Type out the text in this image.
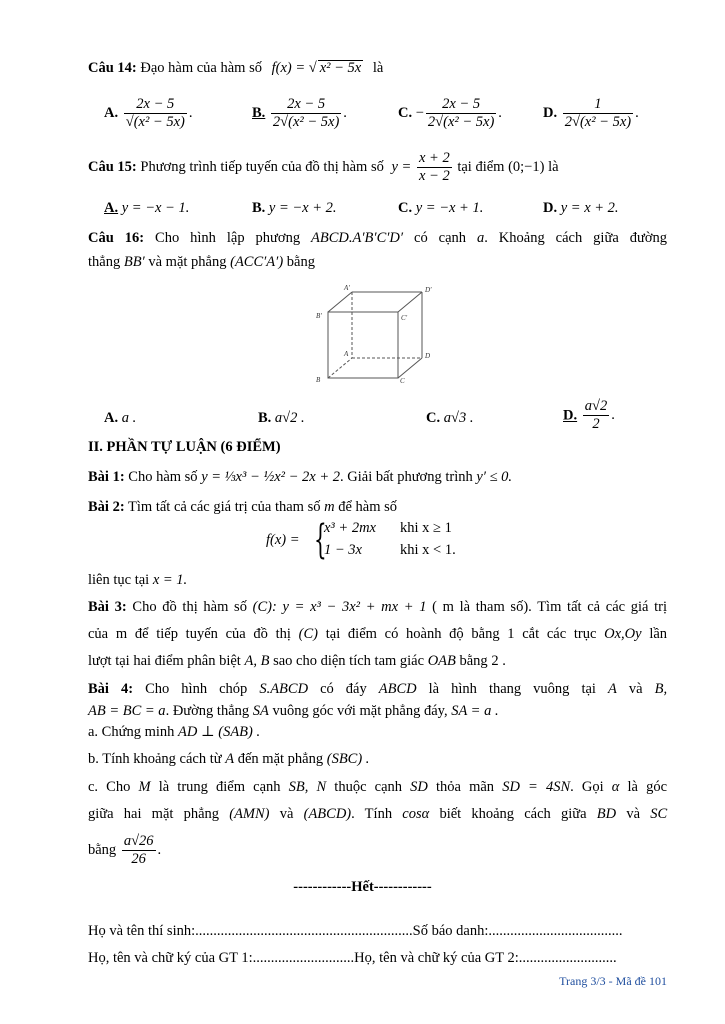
Câu 14: Đạo hàm của hàm số f(x) = √ x² − 5x là
A. $\frac{2x - 5}{\text{√(x² − 5x)}}$ .	B. $\frac{2x - 5}{\text{2√(x² − 5x)}}$ .	C. − $\frac{2x - 5}{\text{2√(x² − 5x)}}$ .	D. $\frac{1}{\text{2√(x² − 5x)}}$ .
Câu 15: Phương trình tiếp tuyến của đồ thị hàm số $y = \frac{x + 2}{x - 2}$ tại điểm (0;−1) là
A. y = −x − 1.	B. y = −x + 2.	C. y = −x + 1.	D. y = x + 2.
Câu 16: Cho hình lập phương ABCD.A′B′C′D′ có cạnh a. Khoảng cách giữa đường
thẳng BB′ và mặt phẳng (ACC′A′) bằng
A′	D′
B′	C′
A	D
B	C
A. a .	B. a√2 .	C. a√3 .	D. $\frac{a√2}{2}$ .
II. PHẦN TỰ LUẬN (6 ĐIỂM)
Bài 1: Cho hàm số y = ⅓x³ − ½x² − 2x + 2. Giải bất phương trình y′ ≤ 0.
Bài 2: Tìm tất cả các giá trị của tham số m để hàm số
f(x) = {
x³ + 2mx khi x ≥ 1
1 − 3x	khi x < 1.
liên tục tại x = 1.
Bài 3: Cho đồ thị hàm số (C): y = x³ − 3x² + mx + 1 ( m là tham số). Tìm tất cả các giá trị
của m để tiếp tuyến của đồ thị (C) tại điểm có hoành độ bằng 1 cắt các trục Ox,Oy lần
lượt tại hai điểm phân biệt A, B sao cho diện tích tam giác OAB bằng 2 .
Bài 4: Cho hình chóp S.ABCD có đáy ABCD là hình thang vuông tại A và B,
AB = BC = a. Đường thẳng SA vuông góc với mặt phẳng đáy, SA = a .
a. Chứng minh AD ⊥ (SAB) .
b. Tính khoảng cách từ A đến mặt phẳng (SBC) .
c. Cho M là trung điểm cạnh SB, N thuộc cạnh SD thỏa mãn SD = 4SN. Gọi α là góc
giữa hai mặt phẳng (AMN) và (ABCD). Tính cosα biết khoảng cách giữa BD và SC
bằng $\frac{a√26}{26}$ .
------------Hết------------
Họ và tên thí sinh:............................................................Số báo danh:.....................................
Họ, tên và chữ ký của GT 1:............................Họ, tên và chữ ký của GT 2:...........................
Trang 3/3 - Mã đề 101
